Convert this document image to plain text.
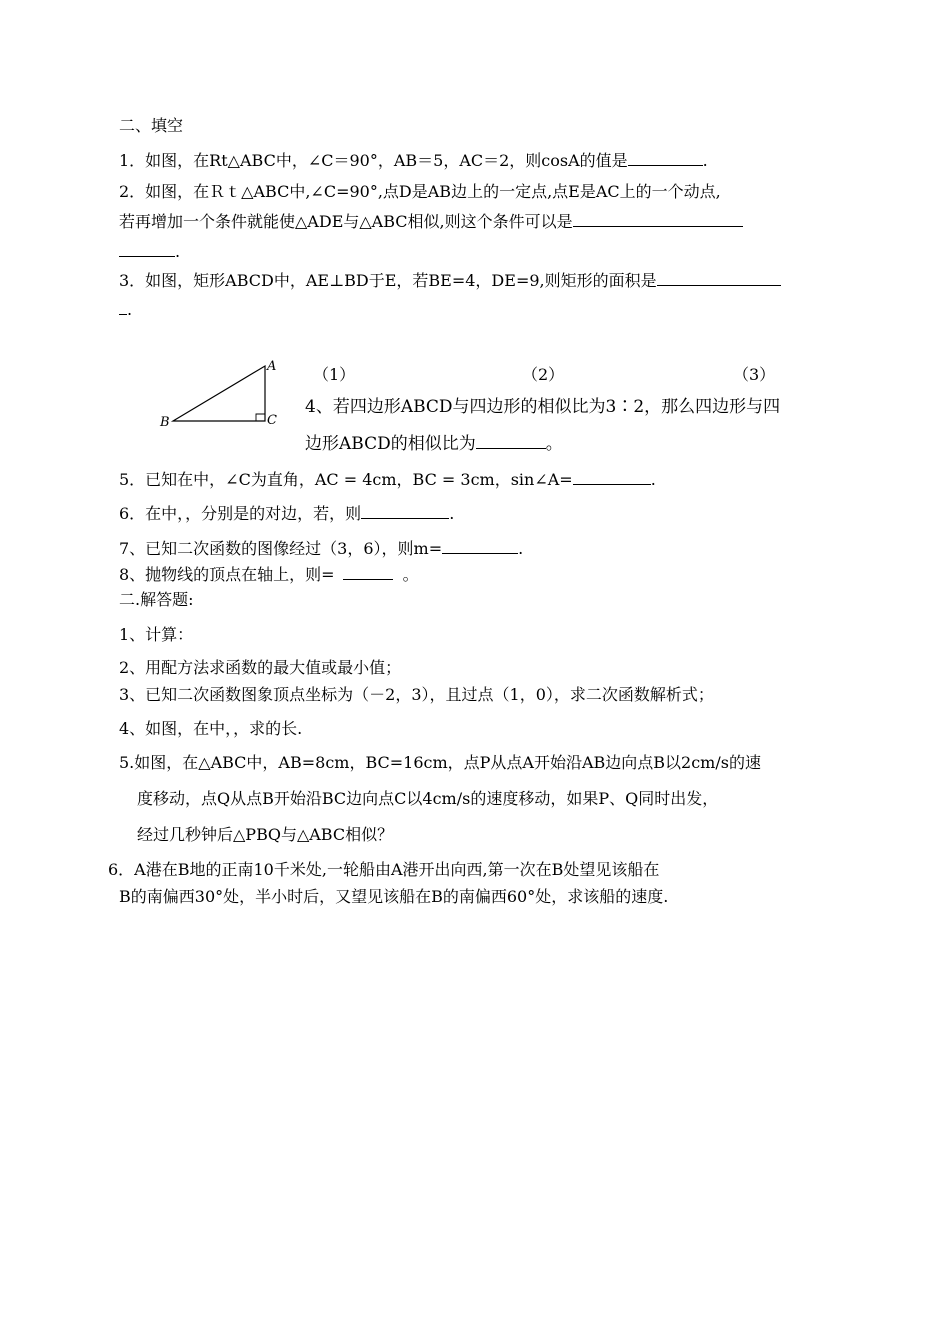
二、填空
1．如图，在Rt△ABC中，∠C＝90°，AB＝5，AC＝2，则cosA的值是	.
2．如图，在Ｒｔ△ABC中,∠C=90°,点D是AB边上的一定点,点E是AC上的一个动点,
若再增加一个条件就能使△ADE与△ABC相似,则这个条件可以是
.
3．如图，矩形ABCD中，AE⊥BD于E，若BE=4，DE=9,则矩形的面积是
.
（1）	（2）	（3）
A
B	C
4、若四边形ABCD与四边形的相似比为3∶2，那么四边形与四
边形ABCD的相似比为	。
5．已知在中，∠C为直角，AC = 4cm，BC = 3cm，sin∠A=	.
6．在中，，分别是的对边，若，则	.
7、已知二次函数的图像经过（3，6），则m=	.
8、抛物线的顶点在轴上，则=	。
二.解答题:
1、计算：
2、用配方法求函数的最大值或最小值；
3、已知二次函数图象顶点坐标为（－2，3），且过点（1，0），求二次函数解析式；
4、如图，在中，，求的长.
5.如图，在△ABC中，AB=8cm，BC=16cm，点P从点A开始沿AB边向点B以2cm/s的速
度移动，点Q从点B开始沿BC边向点C以4cm/s的速度移动，如果P、Q同时出发，
经过几秒钟后△PBQ与△ABC相似？
6．A港在B地的正南10千米处,一轮船由A港开出向西,第一次在B处望见该船在
B的南偏西30°处，半小时后，又望见该船在B的南偏西60°处，求该船的速度.
